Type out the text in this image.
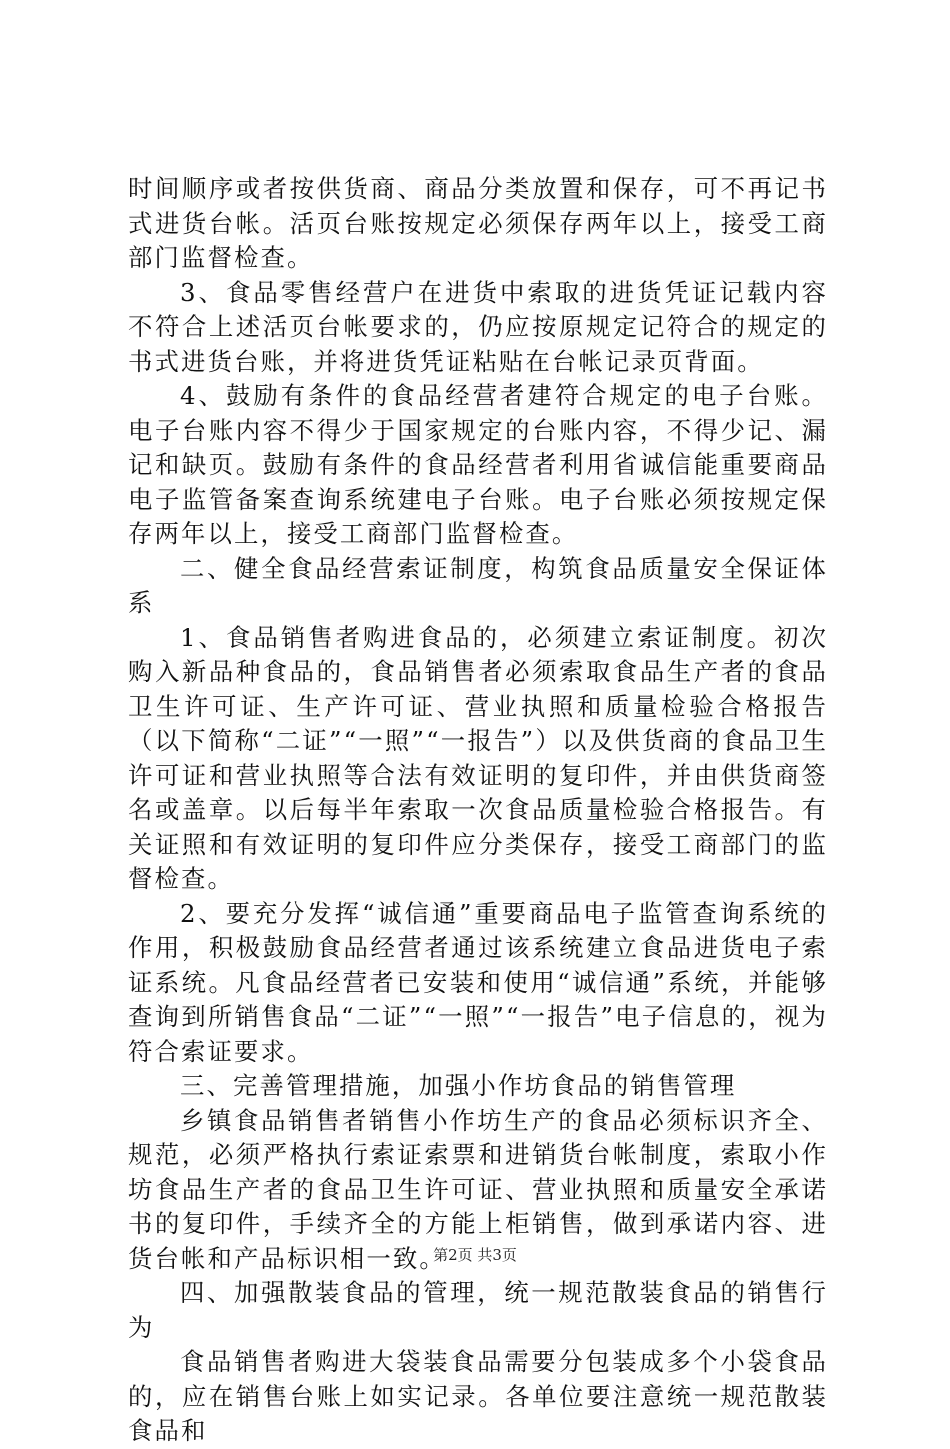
时间顺序或者按供货商、商品分类放置和保存，可不再记书式进货台帐。活页台账按规定必须保存两年以上，接受工商部门监督检查。

3、食品零售经营户在进货中索取的进货凭证记载内容不符合上述活页台帐要求的，仍应按原规定记符合的规定的书式进货台账，并将进货凭证粘贴在台帐记录页背面。

4、鼓励有条件的食品经营者建符合规定的电子台账。电子台账内容不得少于国家规定的台账内容，不得少记、漏记和缺页。鼓励有条件的食品经营者利用省诚信能重要商品电子监管备案查询系统建电子台账。电子台账必须按规定保存两年以上，接受工商部门监督检查。

二、健全食品经营索证制度，构筑食品质量安全保证体系

1、食品销售者购进食品的，必须建立索证制度。初次购入新品种食品的，食品销售者必须索取食品生产者的食品卫生许可证、生产许可证、营业执照和质量检验合格报告（以下简称“二证”“一照”“一报告”）以及供货商的食品卫生许可证和营业执照等合法有效证明的复印件，并由供货商签名或盖章。以后每半年索取一次食品质量检验合格报告。有关证照和有效证明的复印件应分类保存，接受工商部门的监督检查。

2、要充分发挥“诚信通”重要商品电子监管查询系统的作用，积极鼓励食品经营者通过该系统建立食品进货电子索证系统。凡食品经营者已安装和使用“诚信通”系统，并能够查询到所销售食品“二证”“一照”“一报告”电子信息的，视为符合索证要求。

三、完善管理措施，加强小作坊食品的销售管理

乡镇食品销售者销售小作坊生产的食品必须标识齐全、规范，必须严格执行索证索票和进销货台帐制度，索取小作坊食品生产者的食品卫生许可证、营业执照和质量安全承诺书的复印件，手续齐全的方能上柜销售，做到承诺内容、进货台帐和产品标识相一致。

四、加强散装食品的管理，统一规范散装食品的销售行为

食品销售者购进大袋装食品需要分包装成多个小袋食品的，应在销售台账上如实记录。各单位要注意统一规范散装食品和

第2页 共3页
